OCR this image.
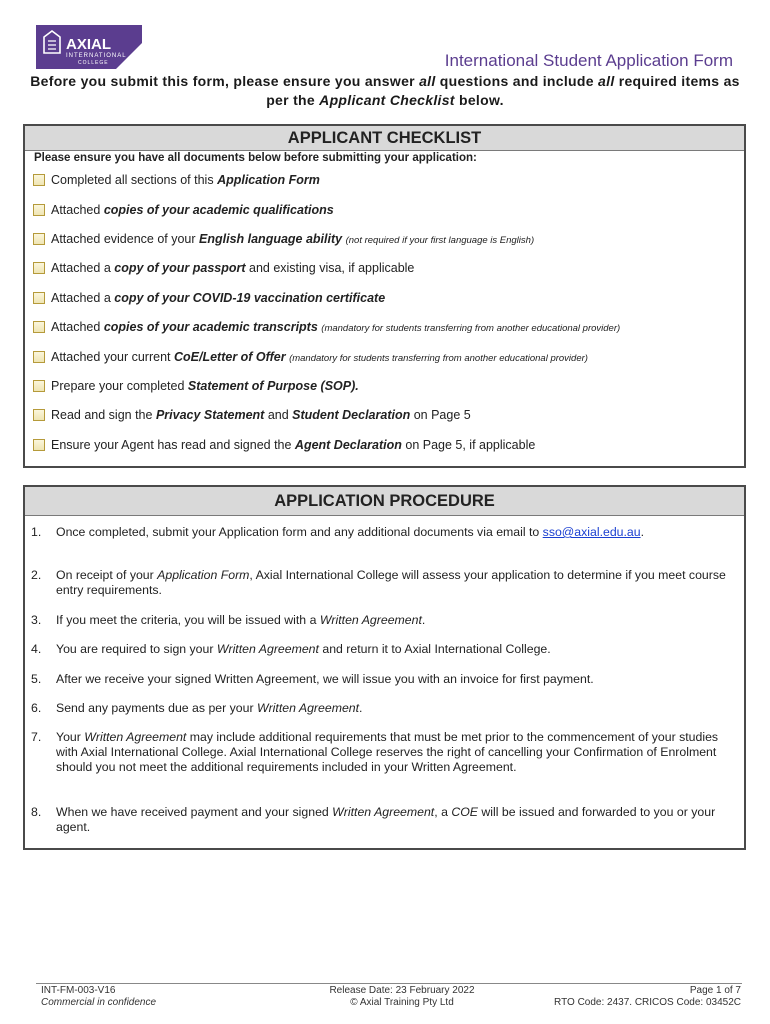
AXIAL
INTERNATIONAL
COLLEGE	International Student Application Form
Before you submit this form, please ensure you answer all questions and include all required items as per the Applicant Checklist below.
APPLICANT CHECKLIST
Please ensure you have all documents below before submitting your application:
Completed all sections of this Application Form
Attached copies of your academic qualifications
Attached evidence of your English language ability (not required if your first language is English)
Attached a copy of your passport and existing visa, if applicable
Attached a copy of your COVID-19 vaccination certificate
Attached copies of your academic transcripts (mandatory for students transferring from another educational provider)
Attached your current CoE/Letter of Offer (mandatory for students transferring from another educational provider)
Prepare your completed Statement of Purpose (SOP).
Read and sign the Privacy Statement and Student Declaration on Page 5
Ensure your Agent has read and signed the Agent Declaration on Page 5, if applicable
APPLICATION PROCEDURE
1. Once completed, submit your Application form and any additional documents via email to sso@axial.edu.au.
2. On receipt of your Application Form, Axial International College will assess your application to determine if you meet course entry requirements.
3. If you meet the criteria, you will be issued with a Written Agreement.
4. You are required to sign your Written Agreement and return it to Axial International College.
5. After we receive your signed Written Agreement, we will issue you with an invoice for first payment.
6. Send any payments due as per your Written Agreement.
7. Your Written Agreement may include additional requirements that must be met prior to the commencement of your studies with Axial International College. Axial International College reserves the right of cancelling your Confirmation of Enrolment should you not meet the additional requirements included in your Written Agreement.
8. When we have received payment and your signed Written Agreement, a COE will be issued and forwarded to you or your agent.
INT-FM-003-V16
Commercial in confidence
Release Date: 23 February 2022
© Axial Training Pty Ltd
Page 1 of 7
RTO Code: 2437. CRICOS Code: 03452C
